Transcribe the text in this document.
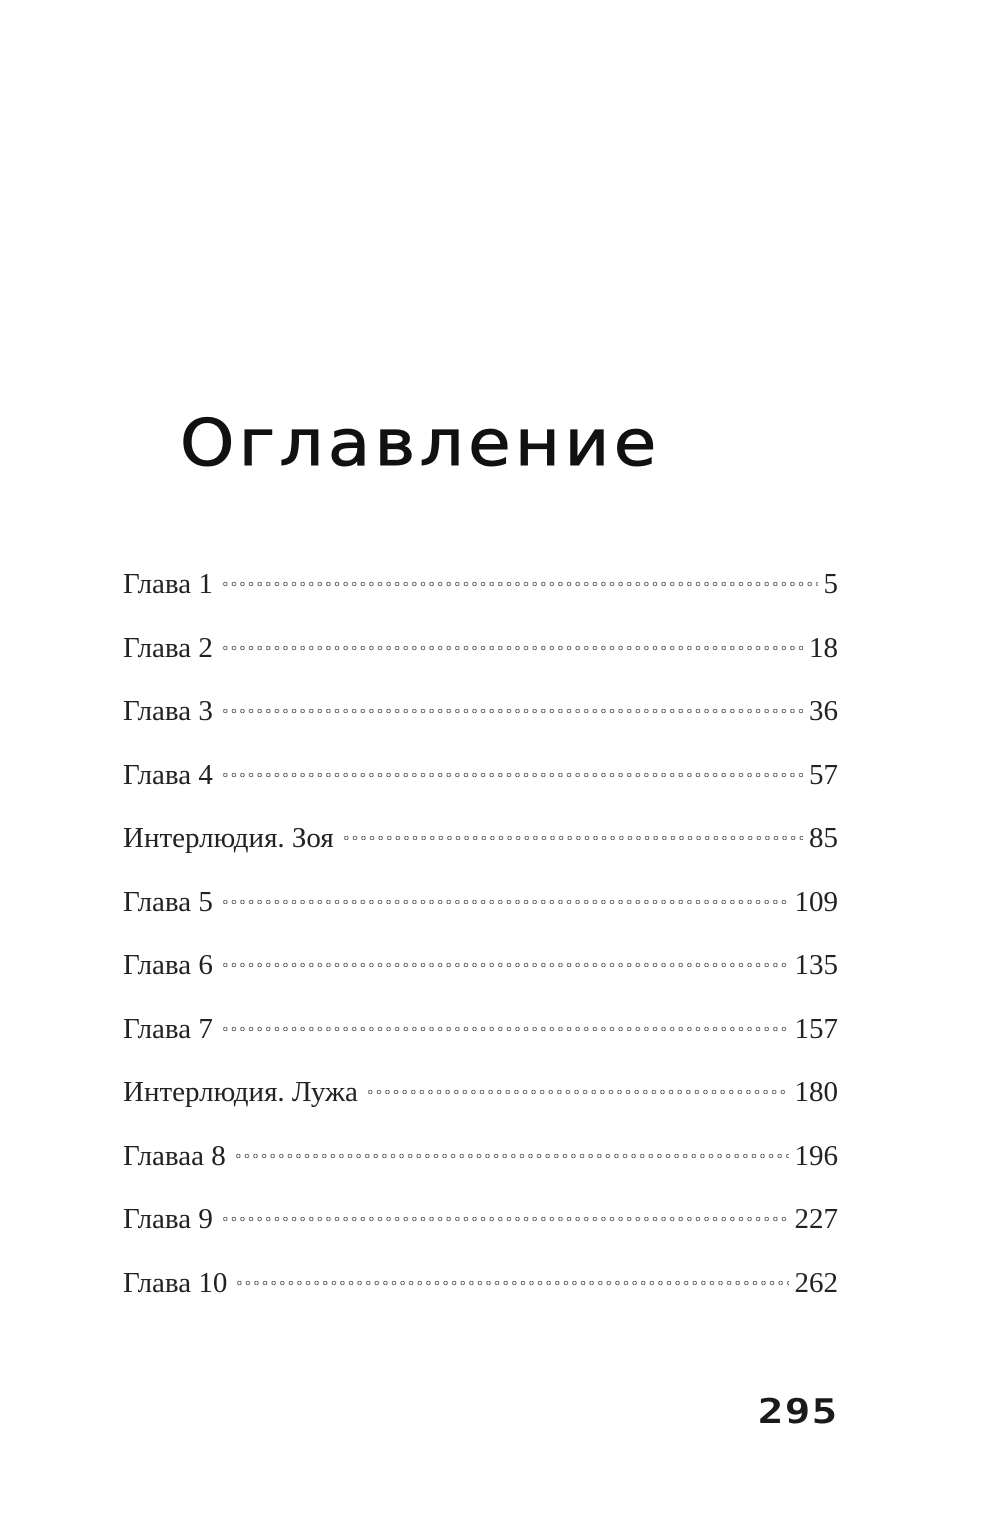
Оглавление
Глава 1	5
Глава 2	18
Глава 3	36
Глава 4	57
Интерлюдия. Зоя	85
Глава 5	109
Глава 6	135
Глава 7	157
Интерлюдия. Лужа	180
Главаа 8	196
Глава 9	227
Глава 10	262
295
